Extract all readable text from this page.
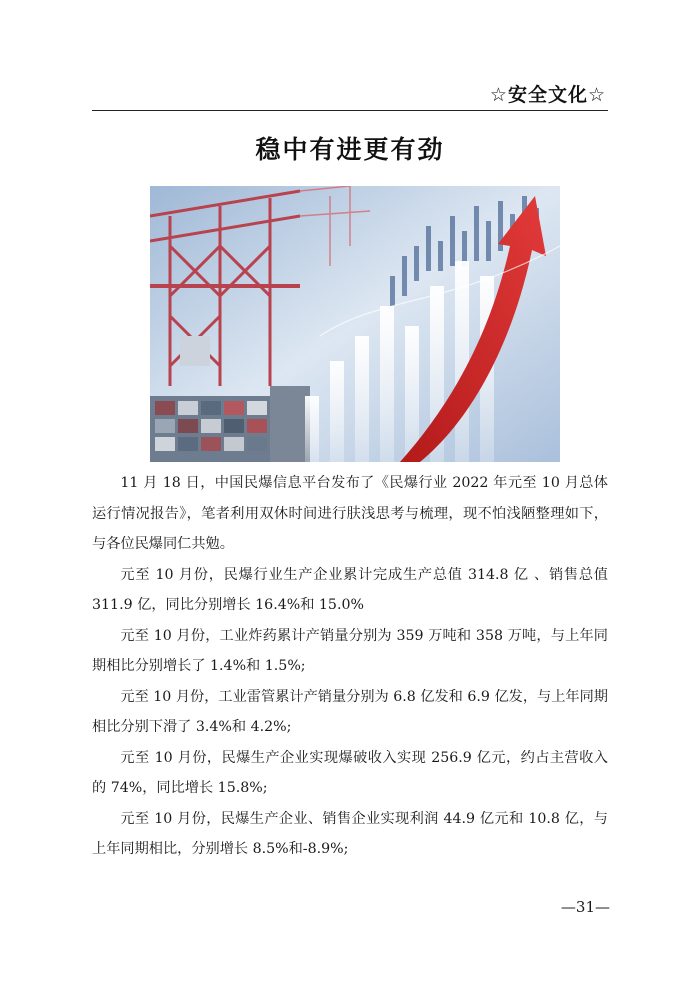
☆安全文化☆
稳中有进更有劲

11 月 18 日，中国民爆信息平台发布了《民爆行业 2022 年元至 10 月总体运行情况报告》，笔者利用双休时间进行肤浅思考与梳理，现不怕浅陋整理如下，与各位民爆同仁共勉。

元至 10 月份，民爆行业生产企业累计完成生产总值 314.8 亿 、销售总值 311.9 亿，同比分别增长 16.4%和 15.0%

元至 10 月份，工业炸药累计产销量分别为 359 万吨和 358 万吨，与上年同期相比分别增长了 1.4%和 1.5%;

元至 10 月份，工业雷管累计产销量分别为 6.8 亿发和 6.9 亿发，与上年同期相比分别下滑了 3.4%和 4.2%;

元至 10 月份，民爆生产企业实现爆破收入实现 256.9 亿元，约占主营收入的 74%，同比增长 15.8%;

元至 10 月份，民爆生产企业、销售企业实现利润 44.9 亿元和 10.8 亿，与上年同期相比，分别增长 8.5%和-8.9%;

—31—
